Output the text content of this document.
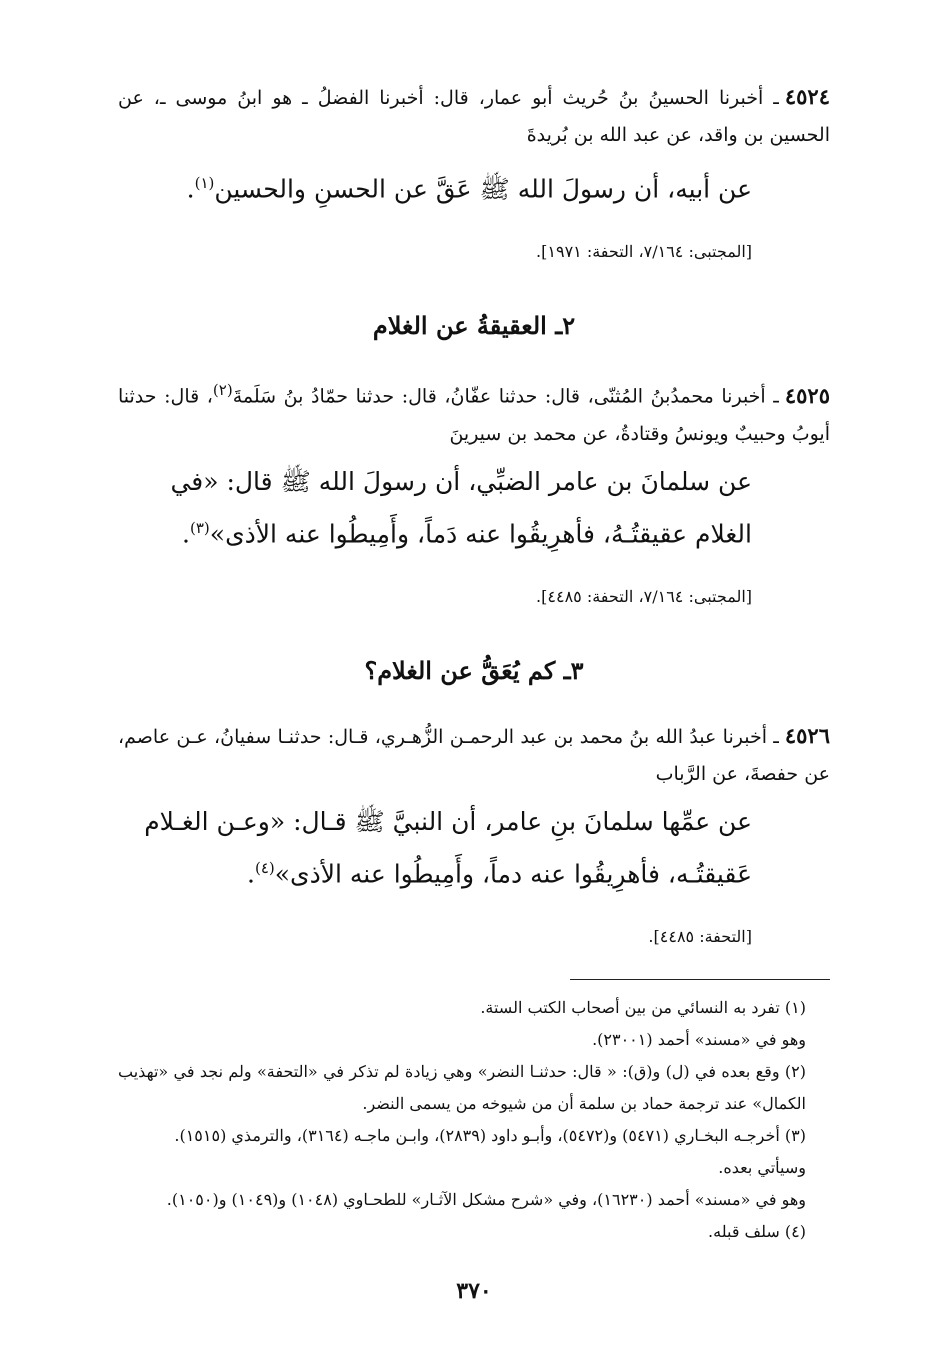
٤٥٢٤ـ أخبرنا الحسينُ بنُ حُريث أبو عمار، قال: أخبرنا الفضلُ ـ هو ابنُ موسى ـ، عن الحسين بن واقد، عن عبد الله بن بُريدةَ
عن أبيه، أن رسولَ الله ﷺ عَقَّ عن الحسنِ والحسين$^{(١)}$.
[المجتبى: ٧/١٦٤، التحفة: ١٩٧١].
٢ـ العقيقةُ عن الغلام
٤٥٢٥ـ أخبرنا محمدُبنُ المُثنّى، قال: حدثنا عفّانُ، قال: حدثنا حمّادُ بنُ سَلَمةَ$^{(٢)}$، قال: حدثنا أيوبُ وحبيبٌ ويونسُ وقتادةُ، عن محمد بن سيرينَ
عن سلمانَ بن عامر الضبِّي، أن رسولَ الله ﷺ قال: «في الغلام عقيقتُـهُ، فأهرِيقُوا عنه دَماً، وأَمِيطُوا عنه الأذى»$^{(٣)}$.
[المجتبى: ٧/١٦٤، التحفة: ٤٤٨٥].
٣ـ كم يُعَقُّ عن الغلام؟
٤٥٢٦ـ أخبرنا عبدُ الله بنُ محمد بن عبد الرحمـن الزُّهـري، قـال: حدثنـا سفيانُ، عـن عاصم، عن حفصةَ، عن الرَّباب
عن عمِّها سلمانَ بنِ عامر، أن النبيَّ ﷺ قـال: «وعـن الغـلام عَقيقتُـه، فأهرِيقُوا عنه دماً، وأَمِيطُوا عنه الأذى»$^{(٤)}$.
[التحفة: ٤٤٨٥].
(١) تفرد به النسائي من بين أصحاب الكتب الستة.
وهو في «مسند» أحمد (٢٣٠٠١).
(٢) وقع بعده في (ل) و(ق): « قال: حدثنـا النضر» وهي زيادة لم تذكر في «التحفة» ولم نجد في «تهذيب الكمال» عند ترجمة حماد بن سلمة أن من شيوخه من يسمى النضر.
(٣) أخرجـه البخـاري (٥٤٧١) و(٥٤٧٢)، وأبـو داود (٢٨٣٩)، وابـن ماجـه (٣١٦٤)، والترمذي (١٥١٥).
وسيأتي بعده.
وهو في «مسند» أحمد (١٦٢٣٠)، وفي «شرح مشكل الآثـار» للطحـاوي (١٠٤٨) و(١٠٤٩) و(١٠٥٠).
(٤) سلف قبله.
٣٧٠
